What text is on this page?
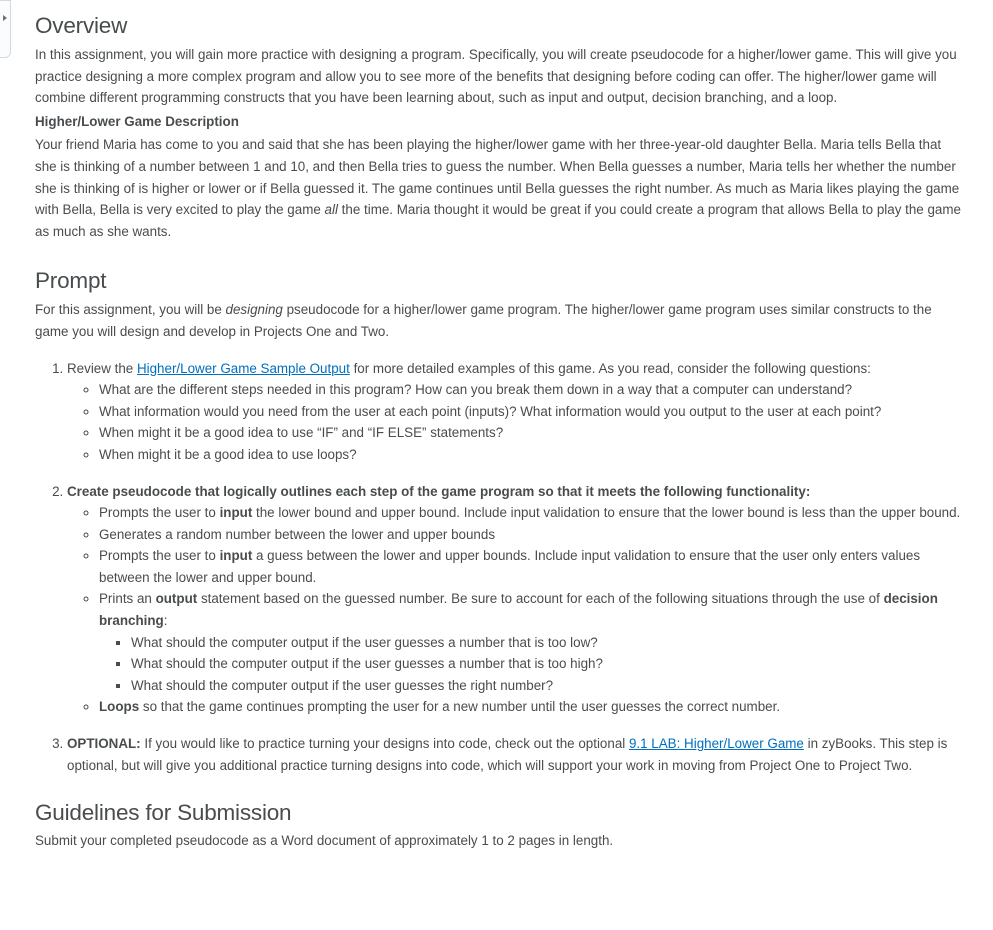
Overview

In this assignment, you will gain more practice with designing a program. Specifically, you will create pseudocode for a higher/lower game. This will give you practice designing a more complex program and allow you to see more of the benefits that designing before coding can offer. The higher/lower game will combine different programming constructs that you have been learning about, such as input and output, decision branching, and a loop.

Higher/Lower Game Description

Your friend Maria has come to you and said that she has been playing the higher/lower game with her three-year-old daughter Bella. Maria tells Bella that she is thinking of a number between 1 and 10, and then Bella tries to guess the number. When Bella guesses a number, Maria tells her whether the number she is thinking of is higher or lower or if Bella guessed it. The game continues until Bella guesses the right number. As much as Maria likes playing the game with Bella, Bella is very excited to play the game all the time. Maria thought it would be great if you could create a program that allows Bella to play the game as much as she wants.

Prompt

For this assignment, you will be designing pseudocode for a higher/lower game program. The higher/lower game program uses similar constructs to the game you will design and develop in Projects One and Two.

1. Review the Higher/Lower Game Sample Output for more detailed examples of this game. As you read, consider the following questions:
◦ What are the different steps needed in this program? How can you break them down in a way that a computer can understand?
◦ What information would you need from the user at each point (inputs)? What information would you output to the user at each point?
◦ When might it be a good idea to use “IF” and “IF ELSE” statements?
◦ When might it be a good idea to use loops?
2. Create pseudocode that logically outlines each step of the game program so that it meets the following functionality:
◦ Prompts the user to input the lower bound and upper bound. Include input validation to ensure that the lower bound is less than the upper bound.
◦ Generates a random number between the lower and upper bounds
◦ Prompts the user to input a guess between the lower and upper bounds. Include input validation to ensure that the user only enters values between the lower and upper bound.
◦ Prints an output statement based on the guessed number. Be sure to account for each of the following situations through the use of decision branching:
▪ What should the computer output if the user guesses a number that is too low?
▪ What should the computer output if the user guesses a number that is too high?
▪ What should the computer output if the user guesses the right number?
◦ Loops so that the game continues prompting the user for a new number until the user guesses the correct number.
3. OPTIONAL: If you would like to practice turning your designs into code, check out the optional 9.1 LAB: Higher/Lower Game in zyBooks. This step is optional, but will give you additional practice turning designs into code, which will support your work in moving from Project One to Project Two.
Guidelines for Submission

Submit your completed pseudocode as a Word document of approximately 1 to 2 pages in length.
